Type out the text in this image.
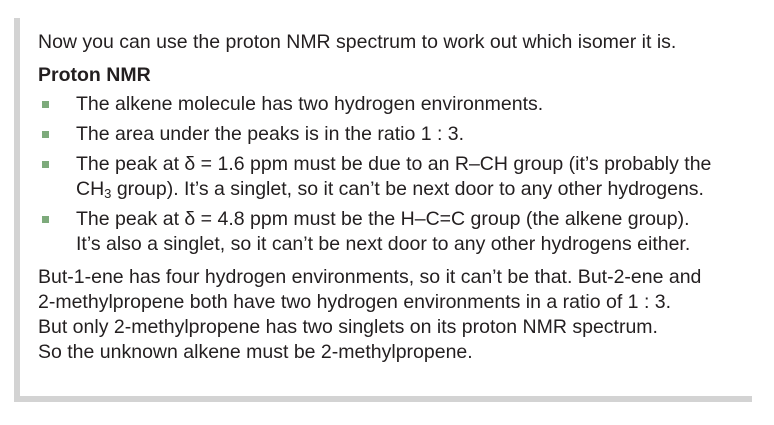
Now you can use the proton NMR spectrum to work out which isomer it is.

Proton NMR

The alkene molecule has two hydrogen environments.
The area under the peaks is in the ratio 1 : 3.
The peak at δ = 1.6 ppm must be due to an R–CH group (it’s probably the
$CH_3$ group). It’s a singlet, so it can’t be next door to any other hydrogens.
The peak at δ = 4.8 ppm must be the H–C=C group (the alkene group).
It’s also a singlet, so it can’t be next door to any other hydrogens either.

But-1-ene has four hydrogen environments, so it can’t be that. But-2-ene and

2-methylpropene both have two hydrogen environments in a ratio of 1 : 3.

But only 2-methylpropene has two singlets on its proton NMR spectrum.

So the unknown alkene must be 2-methylpropene.
